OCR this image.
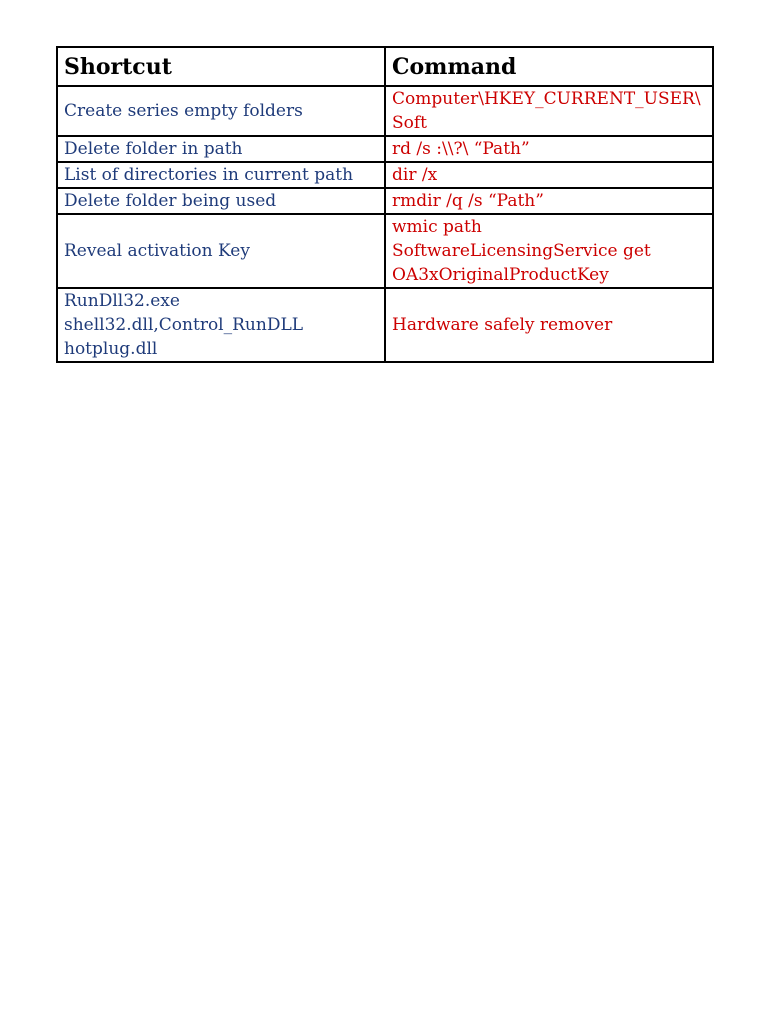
Shortcut	Command
Create series empty folders	Computer\HKEY_CURRENT_USER\Soft
Delete folder in path	rd /s :\\?\ “Path”
List of directories in current path	dir /x
Delete folder being used	rmdir /q /s “Path”
Reveal activation Key	wmic path SoftwareLicensingService get OA3xOriginalProductKey
RunDll32.exe shell32.dll,Control_RunDLL hotplug.dll	Hardware safely remover
